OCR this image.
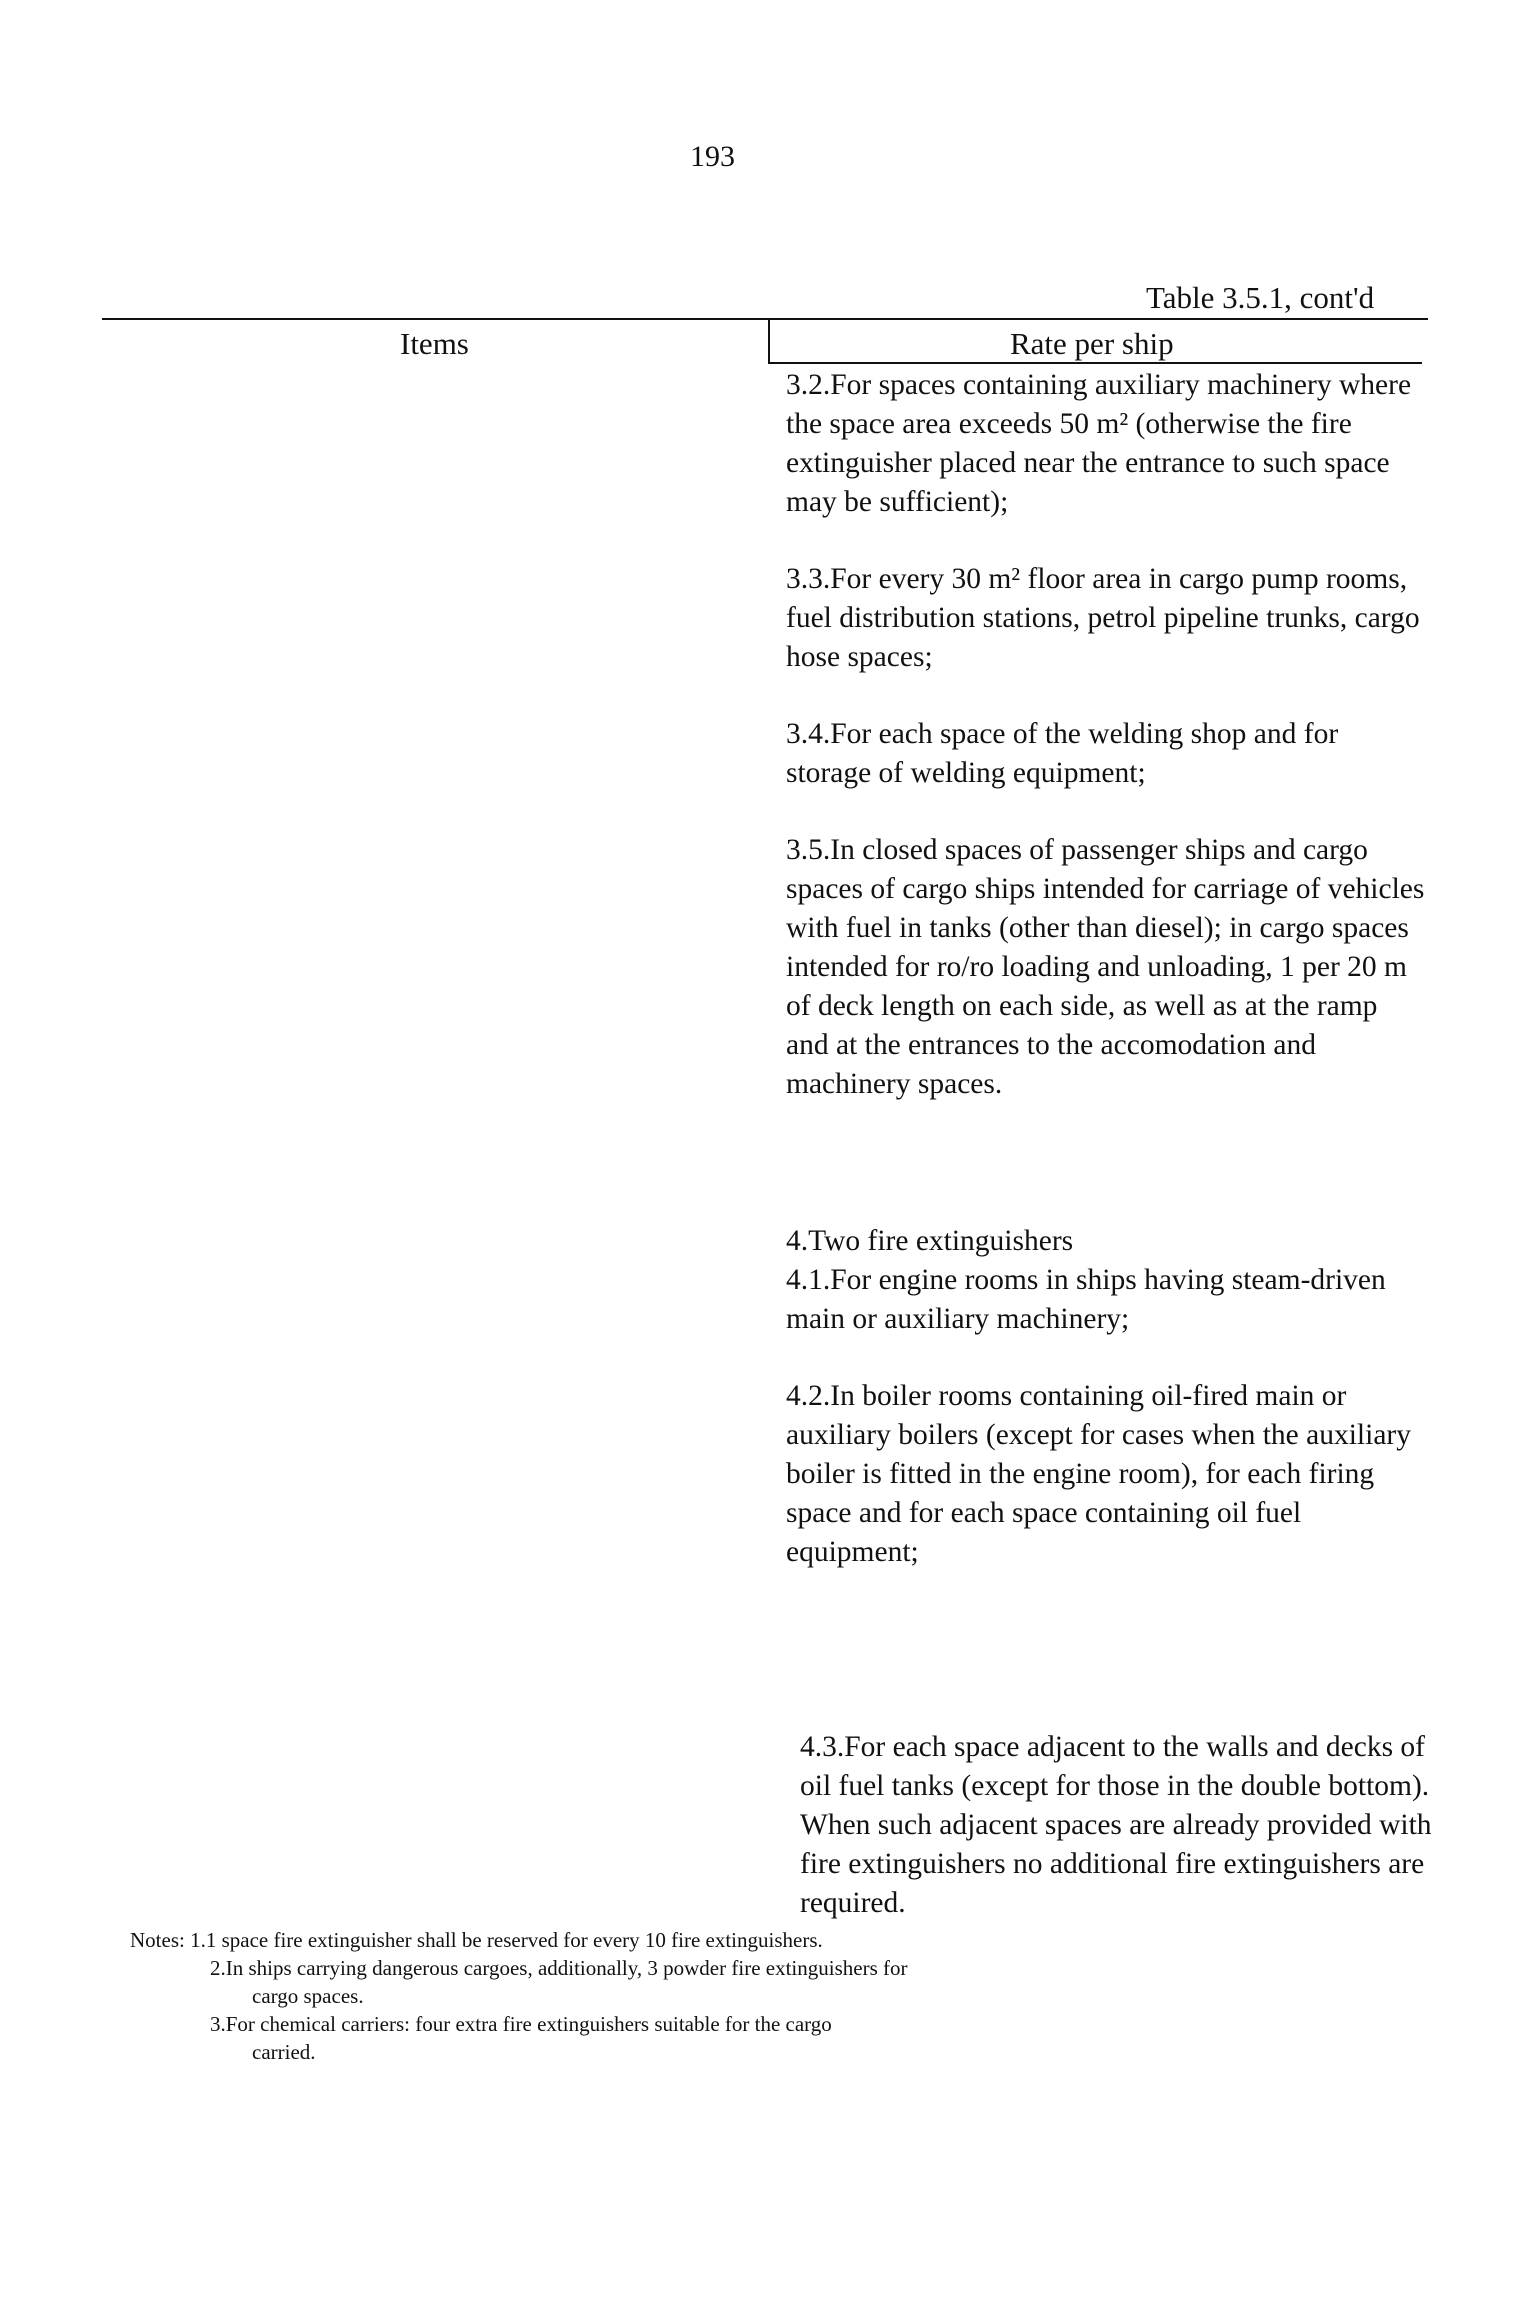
193
Table 3.5.1, cont'd
Items	Rate per ship

3.2.For spaces containing auxiliary machinery where the space area exceeds 50 m² (otherwise the fire extinguisher placed near the entrance to such space may be sufficient);

3.3.For every 30 m² floor area in cargo pump rooms, fuel distribution stations, petrol pipeline trunks, cargo hose spaces;

3.4.For each space of the welding shop and for storage of welding equipment;

3.5.In closed spaces of passenger ships and cargo spaces of cargo ships intended for carriage of vehicles with fuel in tanks (other than diesel); in cargo spaces intended for ro/ro loading and unloading, 1 per 20 m of deck length on each side, as well as at the ramp and at the entrances to the accomodation and machinery spaces.

4.Two fire extinguishers

4.1.For engine rooms in ships having steam-driven main or auxiliary machinery;

4.2.In boiler rooms containing oil-fired main or auxiliary boilers (except for cases when the auxiliary boiler is fitted in the engine room), for each firing space and for each space containing oil fuel equipment;

4.3.For each space adjacent to the walls and decks of oil fuel tanks (except for those in the double bottom). When such adjacent spaces are already provided with fire extinguishers no additional fire extinguishers are required.

Notes: 1.1 space fire extinguisher shall be reserved for every 10 fire extinguishers.

2.In ships carrying dangerous cargoes, additionally, 3 powder fire extinguishers for

cargo spaces.

3.For chemical carriers: four extra fire extinguishers suitable for the cargo

carried.
